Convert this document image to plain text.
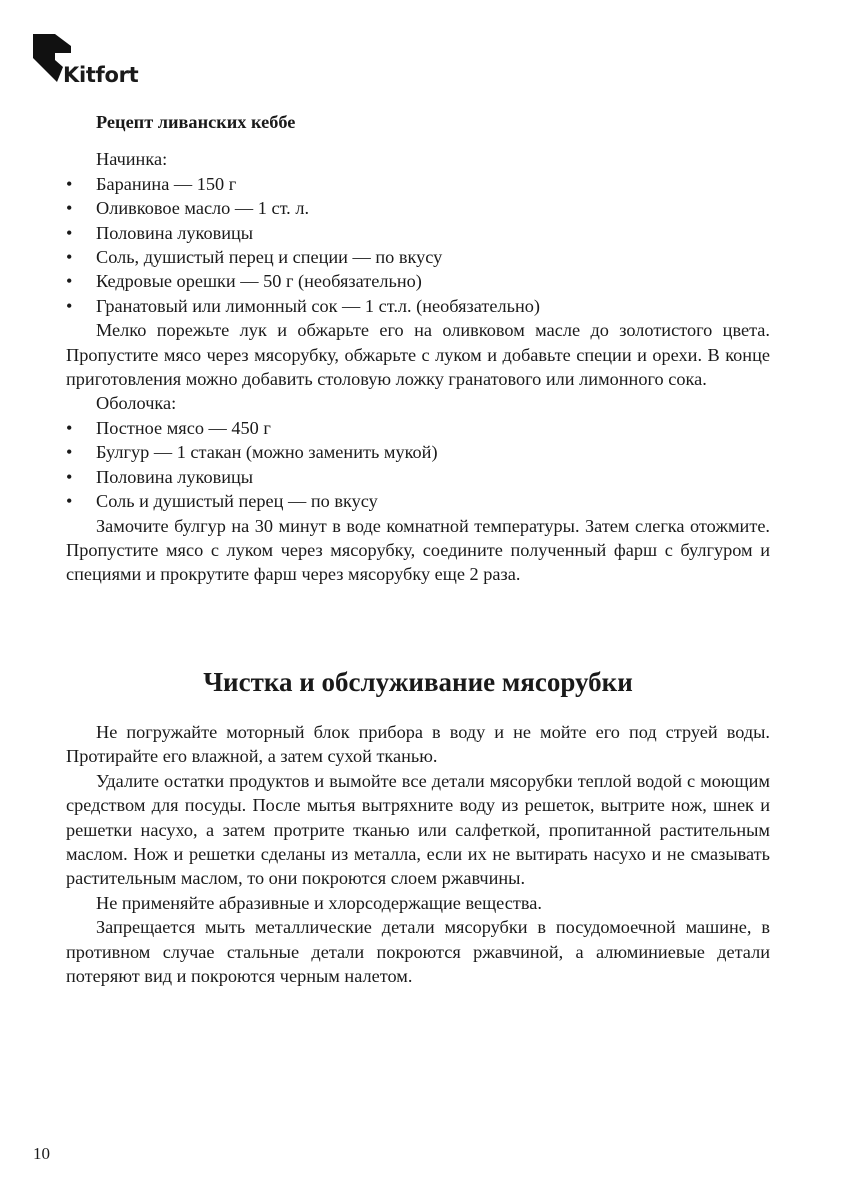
Kitfort

Рецепт ливанских кеббе

Начинка:

• Баранина — 150 г
• Оливковое масло — 1 ст. л.
• Половина луковицы
• Соль, душистый перец и специи — по вкусу
• Кедровые орешки — 50 г (необязательно)
• Гранатовый или лимонный сок — 1 ст.л. (необязательно)

Мелко порежьте лук и обжарьте его на оливковом масле до золотистого цвета. Пропустите мясо через мясорубку, обжарьте с луком и добавьте специи и орехи. В конце приготовления можно добавить столовую ложку гранатового или лимонного сока.

Оболочка:

• Постное мясо — 450 г
• Булгур — 1 стакан (можно заменить мукой)
• Половина луковицы
• Соль и душистый перец — по вкусу

Замочите булгур на 30 минут в воде комнатной температуры. Затем слегка отожмите. Пропустите мясо с луком через мясорубку, соедините полученный фарш с булгуром и специями и прокрутите фарш через мясорубку еще 2 раза.

Чистка и обслуживание мясорубки

Не погружайте моторный блок прибора в воду и не мойте его под струей воды. Протирайте его влажной, а затем сухой тканью.

Удалите остатки продуктов и вымойте все детали мясорубки теплой водой с моющим средством для посуды. После мытья вытряхните воду из решеток, вытрите нож, шнек и решетки насухо, а затем протрите тканью или салфеткой, пропитанной растительным маслом. Нож и решетки сделаны из металла, если их не вытирать насухо и не смазывать растительным маслом, то они покроются слоем ржавчины.

Не применяйте абразивные и хлорсодержащие вещества.

Запрещается мыть металлические детали мясорубки в посудомоечной машине, в противном случае стальные детали покроются ржавчиной, а алюминиевые детали потеряют вид и покроются черным налетом.

10
